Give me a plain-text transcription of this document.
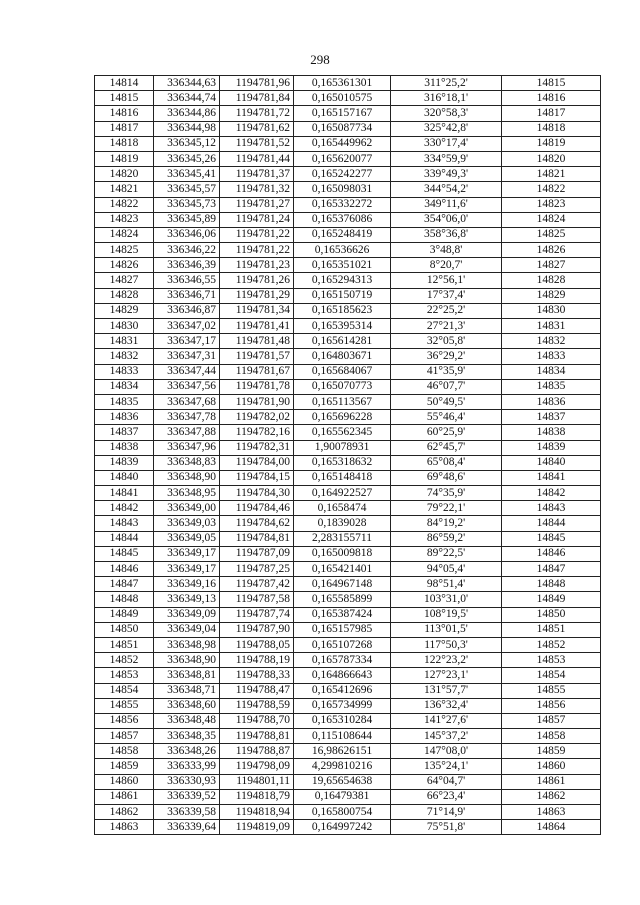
298
14814	336344,63	1194781,96	0,165361301	311°25,2'	14815
14815	336344,74	1194781,84	0,165010575	316°18,1'	14816
14816	336344,86	1194781,72	0,165157167	320°58,3'	14817
14817	336344,98	1194781,62	0,165087734	325°42,8'	14818
14818	336345,12	1194781,52	0,165449962	330°17,4'	14819
14819	336345,26	1194781,44	0,165620077	334°59,9'	14820
14820	336345,41	1194781,37	0,165242277	339°49,3'	14821
14821	336345,57	1194781,32	0,165098031	344°54,2'	14822
14822	336345,73	1194781,27	0,165332272	349°11,6'	14823
14823	336345,89	1194781,24	0,165376086	354°06,0'	14824
14824	336346,06	1194781,22	0,165248419	358°36,8'	14825
14825	336346,22	1194781,22	0,16536626	3°48,8'	14826
14826	336346,39	1194781,23	0,165351021	8°20,7'	14827
14827	336346,55	1194781,26	0,165294313	12°56,1'	14828
14828	336346,71	1194781,29	0,165150719	17°37,4'	14829
14829	336346,87	1194781,34	0,165185623	22°25,2'	14830
14830	336347,02	1194781,41	0,165395314	27°21,3'	14831
14831	336347,17	1194781,48	0,165614281	32°05,8'	14832
14832	336347,31	1194781,57	0,164803671	36°29,2'	14833
14833	336347,44	1194781,67	0,165684067	41°35,9'	14834
14834	336347,56	1194781,78	0,165070773	46°07,7'	14835
14835	336347,68	1194781,90	0,165113567	50°49,5'	14836
14836	336347,78	1194782,02	0,165696228	55°46,4'	14837
14837	336347,88	1194782,16	0,165562345	60°25,9'	14838
14838	336347,96	1194782,31	1,90078931	62°45,7'	14839
14839	336348,83	1194784,00	0,165318632	65°08,4'	14840
14840	336348,90	1194784,15	0,165148418	69°48,6'	14841
14841	336348,95	1194784,30	0,164922527	74°35,9'	14842
14842	336349,00	1194784,46	0,1658474	79°22,1'	14843
14843	336349,03	1194784,62	0,1839028	84°19,2'	14844
14844	336349,05	1194784,81	2,283155711	86°59,2'	14845
14845	336349,17	1194787,09	0,165009818	89°22,5'	14846
14846	336349,17	1194787,25	0,165421401	94°05,4'	14847
14847	336349,16	1194787,42	0,164967148	98°51,4'	14848
14848	336349,13	1194787,58	0,165585899	103°31,0'	14849
14849	336349,09	1194787,74	0,165387424	108°19,5'	14850
14850	336349,04	1194787,90	0,165157985	113°01,5'	14851
14851	336348,98	1194788,05	0,165107268	117°50,3'	14852
14852	336348,90	1194788,19	0,165787334	122°23,2'	14853
14853	336348,81	1194788,33	0,164866643	127°23,1'	14854
14854	336348,71	1194788,47	0,165412696	131°57,7'	14855
14855	336348,60	1194788,59	0,165734999	136°32,4'	14856
14856	336348,48	1194788,70	0,165310284	141°27,6'	14857
14857	336348,35	1194788,81	0,115108644	145°37,2'	14858
14858	336348,26	1194788,87	16,98626151	147°08,0'	14859
14859	336333,99	1194798,09	4,299810216	135°24,1'	14860
14860	336330,93	1194801,11	19,65654638	64°04,7'	14861
14861	336339,52	1194818,79	0,16479381	66°23,4'	14862
14862	336339,58	1194818,94	0,165800754	71°14,9'	14863
14863	336339,64	1194819,09	0,164997242	75°51,8'	14864
